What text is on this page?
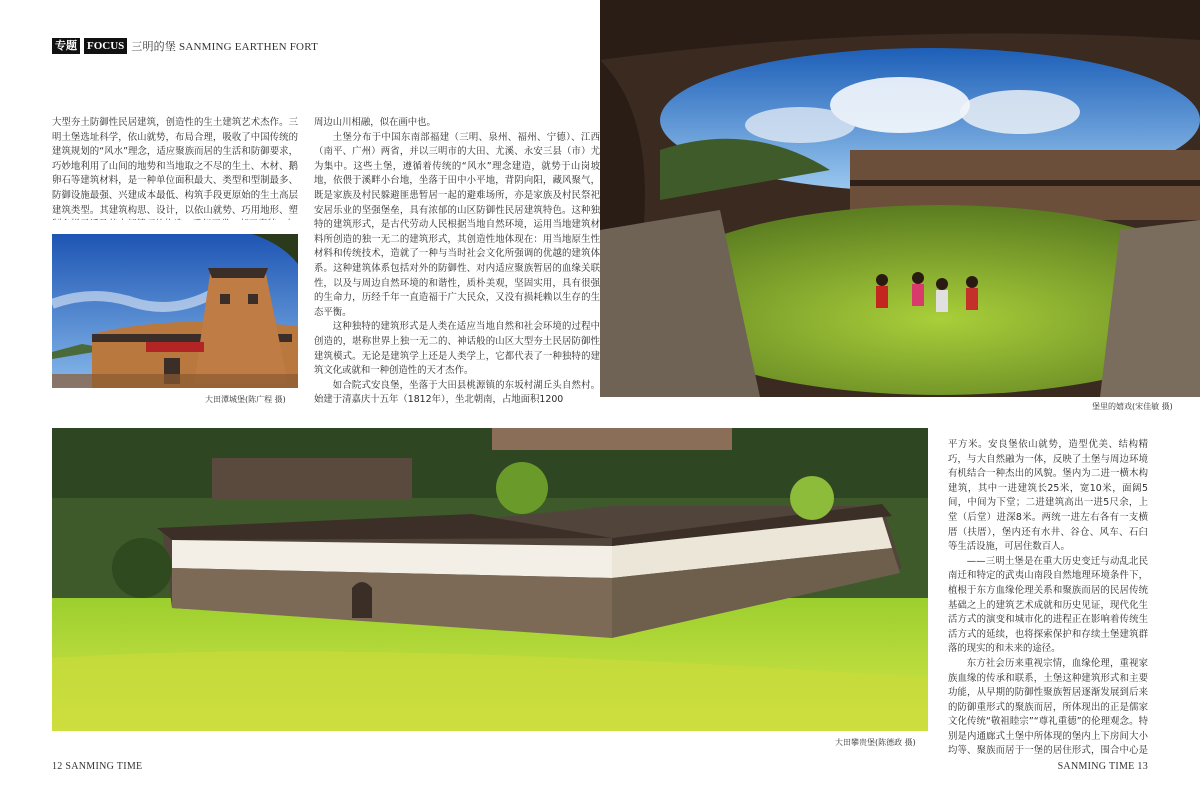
专题 FOCUS 三明的堡 SANMING EARTHEN FORT

大型夯土防御性民居建筑，创造性的生土建筑艺术杰作。三明土堡选址科学，依山就势，布局合理，吸收了中国传统的建筑规划的“风水”理念，适应聚族而居的生活和防御要求，巧妙地利用了山间的地势和当地取之不尽的生土、木材、鹅卵石等建筑材料，是一种单位面积最大、类型和型制最多、防御设施最强、兴建成本最低、构筑手段更原始的生土高层建筑类型。其建筑构思、设计，以依山就势、巧用地形、塑

大田潭城堡(陈广程 摄)

周边山川相融，似在画中也。

土堡分布于中国东南部福建（三明、泉州、福州、宁德）、江西（南平、广州）两省，并以三明市的大田、尤溪、永安三县（市）尤为集中。这些土堡，遵循着传统的“风水”理念建造，就势于山岗坡地，依偎于溪畔小台地，坐落于田中小平地，背阴向阳，藏风聚气，既是家族及村民躲避匪患暂居一起的避难场所，亦是家族及村民祭祀安居乐业的坚强堡垒，具有浓郁的山区防御性民居建筑特色。这种独特的建筑形式，是古代劳动人民根据当地自然环境，运用当地建筑材料所创造的独一无二的建筑形式，其创造性地体现在：用当地原生性材料和传统技术，造就了一种与当时社会文化所强调的优越的建筑体系。这种建筑体系包括对外的防御性、对内适应聚族暂居的血缘关联性，以及与周边自然环境的和谐性，质朴美观，坚固实用，具有很强的生命力，历经千年一直造福于广大民众，又没有损耗赖以生存的生态平衡。

这种独特的建筑形式是人类在适应当地自然和社会环境的过程中创造的，堪称世界上独一无二的、神话般的山区大型夯土民居防御性建筑模式。无论是建筑学上还是人类学上，它都代表了一种独特的建筑文化或就和一种创造性的天才杰作。

如合院式安良堡，坐落于大田县桃源镇的东坂村湖丘头自然村。始建于清嘉庆十五年（1812年），坐北朝南，占地面积1200

堡里的嬉戏(宋佳敏 摄)
大田攀贵堡(陈德政 摄)

平方米。安良堡依山就势，造型优美、结构精巧，与大自然融为一体，反映了土堡与周边环境有机结合一种杰出的风貌。堡内为二进一横木构建筑，其中一进建筑长25米，宽10米，面阔5间，中间为下堂；二进建筑高出一进5尺余，上堂（后堂）进深8米。两统一进左右各有一支横厝（扶厝），堡内还有水井、谷仓、风车、石臼等生活设施，可居住数百人。

——三明土堡是在重大历史变迁与动乱北民南迁和特定的武夷山南段自然地理环境条件下，植根于东方血缘伦理关系和聚族而居的民居传统基础之上的建筑艺术成就和历史见证，现代化生活方式的演变和城市化的进程正在影响着传统生活方式的延续，也将探索保护和存续土堡建筑群落的现实的和未来的途径。

东方社会历来重视宗情，血缘伦理，重视家族血缘的传承和联系，土堡这种建筑形式和主要功能，从早期的防御性聚族暂居逐渐发展到后来的防御重形式的聚族而居，所体现出的正是儒家文化传统“敬祖睦宗”“尊礼重德”的伦理观念。特别是内通廊式土堡中所体现的堡内上下房间大小均等、聚族而居于一堡的居住形式，围合中心是

12 SANMING TIME	SANMING TIME 13
